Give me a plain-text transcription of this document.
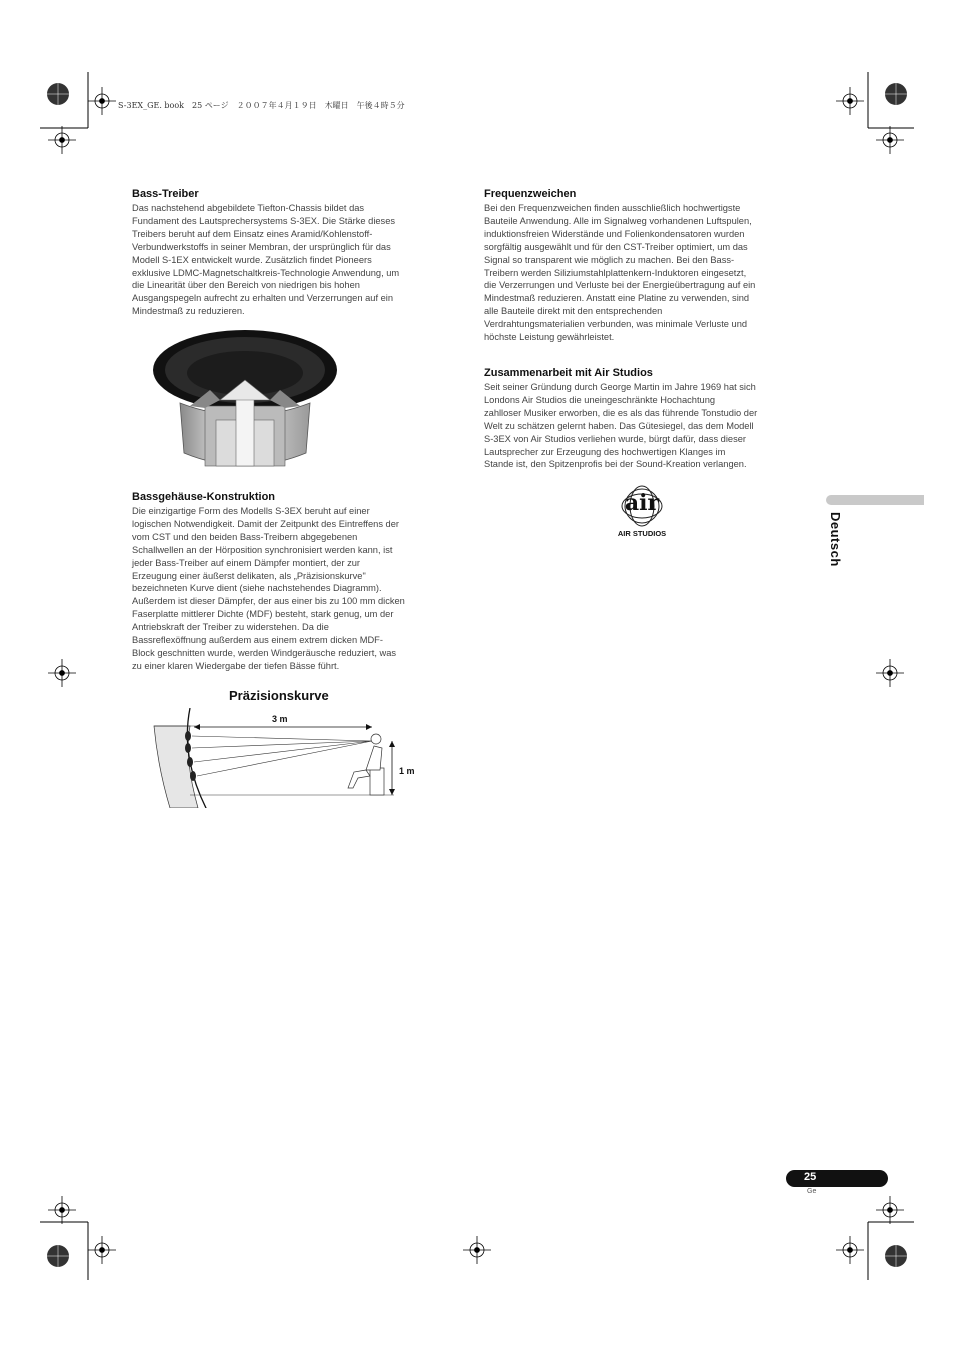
S-3EX_GE. book　25 ページ　２００７年４月１９日　木曜日　午後４時５分
Bass-Treiber

Das nachstehend abgebildete Tiefton-Chassis bildet das
Fundament des Lautsprechersystems S-3EX. Die Stärke dieses
Treibers beruht auf dem Einsatz eines Aramid/Kohlenstoff-
Verbundwerkstoffs in seiner Membran, der ursprünglich für das
Modell S-1EX entwickelt wurde. Zusätzlich findet Pioneers
exklusive LDMC-Magnetschaltkreis-Technologie Anwendung, um
die Linearität über den Bereich von niedrigen bis hohen
Ausgangspegeln aufrecht zu erhalten und Verzerrungen auf ein
Mindestmaß zu reduzieren.

Bassgehäuse-Konstruktion

Die einzigartige Form des Modells S-3EX beruht auf einer
logischen Notwendigkeit. Damit der Zeitpunkt des Eintreffens der
vom CST und den beiden Bass-Treibern abgegebenen
Schallwellen an der Hörposition synchronisiert werden kann, ist
jeder Bass-Treiber auf einem Dämpfer montiert, der zur
Erzeugung einer äußerst delikaten, als „Präzisionskurve"
bezeichneten Kurve dient (siehe nachstehendes Diagramm).
Außerdem ist dieser Dämpfer, der aus einer bis zu 100 mm dicken
Faserplatte mittlerer Dichte (MDF) besteht, stark genug, um der
Antriebskraft der Treiber zu widerstehen. Da die
Bassreflexöffnung außerdem aus einem extrem dicken MDF-
Block geschnitten wurde, werden Windgeräusche reduziert, was
zu einer klaren Wiedergabe der tiefen Bässe führt.

Präzisionskurve
3 m
1 m
Frequenzweichen

Bei den Frequenzweichen finden ausschließlich hochwertigste
Bauteile Anwendung. Alle im Signalweg vorhandenen Luftspulen,
induktionsfreien Widerstände und Folienkondensatoren wurden
sorgfältig ausgewählt und für den CST-Treiber optimiert, um das
Signal so transparent wie möglich zu machen. Bei den Bass-
Treibern werden Siliziumstahlplattenkern-Induktoren eingesetzt,
die Verzerrungen und Verluste bei der Energieübertragung auf ein
Mindestmaß reduzieren. Anstatt eine Platine zu verwenden, sind
alle Bauteile direkt mit den entsprechenden
Verdrahtungsmaterialien verbunden, was minimale Verluste und
höchste Leistung gewährleistet.

Zusammenarbeit mit Air Studios

Seit seiner Gründung durch George Martin im Jahre 1969 hat sich
Londons Air Studios die uneingeschränkte Hochachtung
zahlloser Musiker erworben, die es als das führende Tonstudio der
Welt zu schätzen gelernt haben. Das Gütesiegel, das dem Modell
S-3EX von Air Studios verliehen wurde, bürgt dafür, dass dieser
Lautsprecher zur Erzeugung des hochwertigen Klanges im
Stande ist, den Spitzenprofis bei der Sound-Kreation verlangen.

air
AIR STUDIOS	Deutsch
25
Ge
